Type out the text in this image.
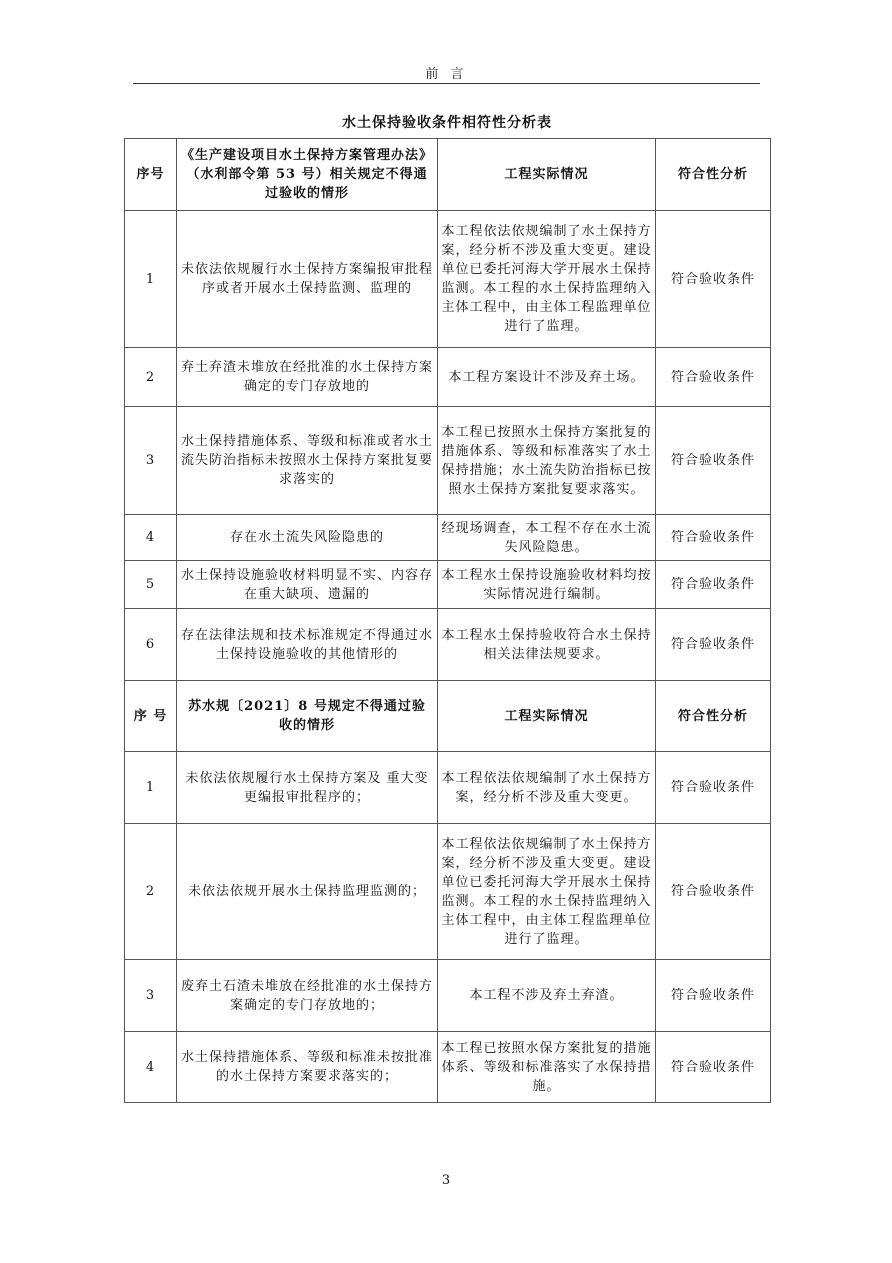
前 言
水土保持验收条件相符性分析表
序号	《生产建设项目水土保持方案管理办法》（水利部令第 53 号）相关规定不得通过验收的情形	工程实际情况	符合性分析
1	未依法依规履行水土保持方案编报审批程序或者开展水土保持监测、监理的	本工程依法依规编制了水土保持方案，经分析不涉及重大变更。建设单位已委托河海大学开展水土保持监测。本工程的水土保持监理纳入主体工程中，由主体工程监理单位进行了监理。	符合验收条件
2	弃土弃渣未堆放在经批准的水土保持方案确定的专门存放地的	本工程方案设计不涉及弃土场。	符合验收条件
3	水土保持措施体系、等级和标准或者水土流失防治指标未按照水土保持方案批复要求落实的	本工程已按照水土保持方案批复的措施体系、等级和标准落实了水土保持措施；水土流失防治指标已按照水土保持方案批复要求落实。	符合验收条件
4	存在水土流失风险隐患的	经现场调查，本工程不存在水土流失风险隐患。	符合验收条件
5	水土保持设施验收材料明显不实、内容存在重大缺项、遗漏的	本工程水土保持设施验收材料均按实际情况进行编制。	符合验收条件
6	存在法律法规和技术标准规定不得通过水土保持设施验收的其他情形的	本工程水土保持验收符合水土保持相关法律法规要求。	符合验收条件
序 号	苏水规〔2021〕8 号规定不得通过验 收的情形	工程实际情况	符合性分析
1	未依法依规履行水土保持方案及 重大变更编报审批程序的；	本工程依法依规编制了水土保持方案，经分析不涉及重大变更。	符合验收条件
2	未依法依规开展水土保持监理监测的；	本工程依法依规编制了水土保持方案，经分析不涉及重大变更。建设单位已委托河海大学开展水土保持监测。本工程的水土保持监理纳入主体工程中，由主体工程监理单位进行了监理。	符合验收条件
3	废弃土石渣未堆放在经批准的水土保持方案确定的专门存放地的；	本工程不涉及弃土弃渣。	符合验收条件
4	水土保持措施体系、等级和标准未按批准的水土保持方案要求落实的；	本工程已按照水保方案批复的措施体系、等级和标准落实了水保持措施。	符合验收条件
3
